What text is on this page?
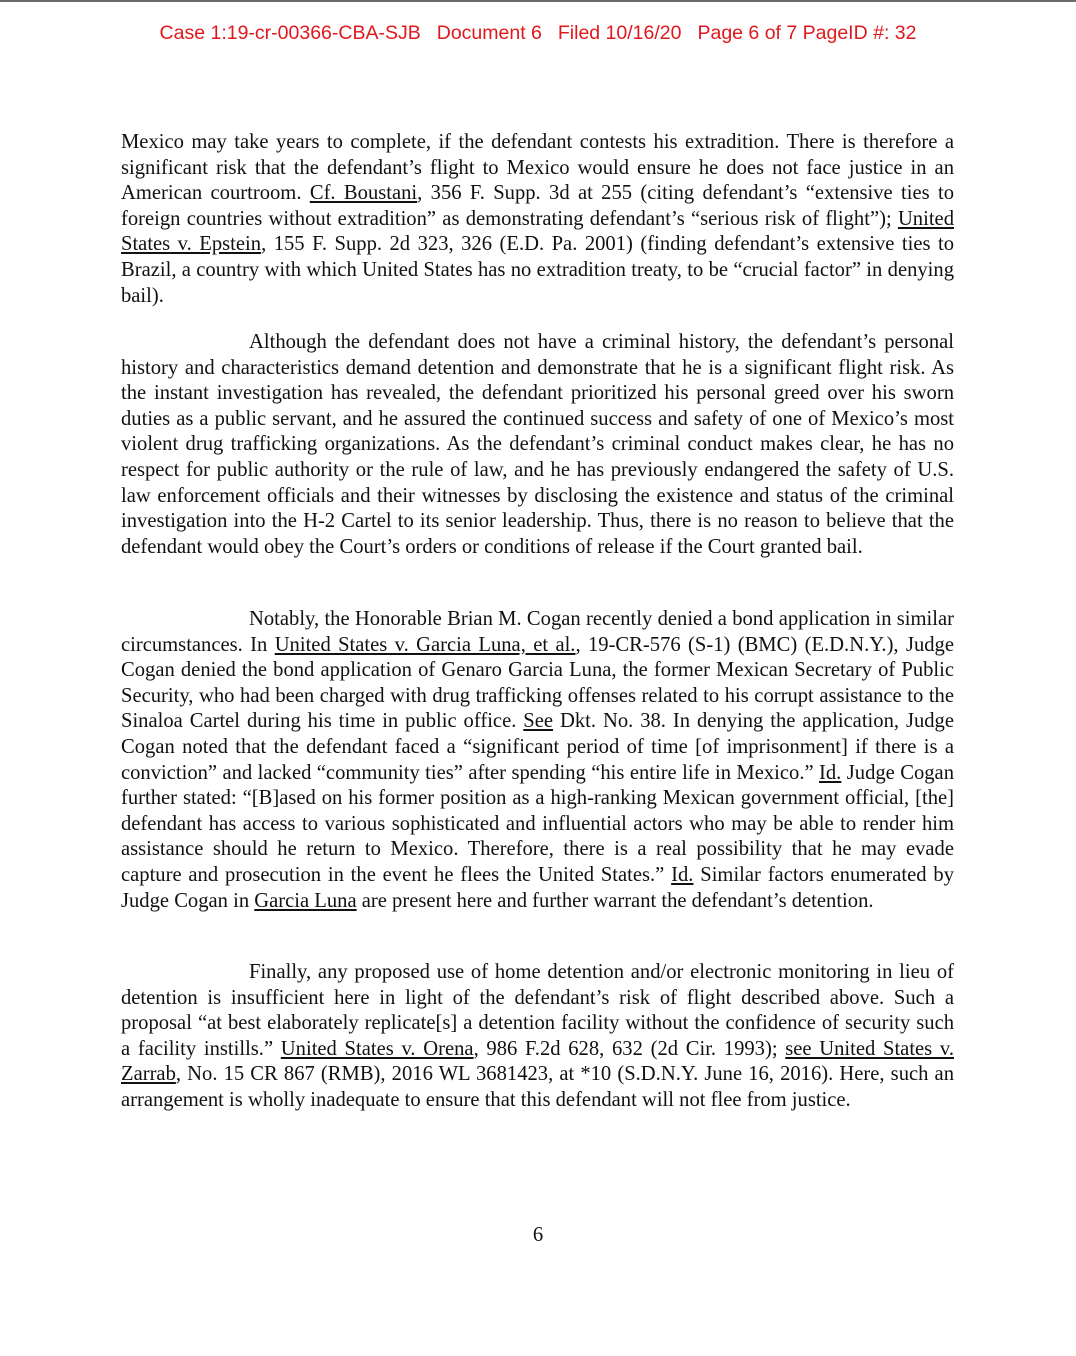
Case 1:19-cr-00366-CBA-SJB Document 6 Filed 10/16/20 Page 6 of 7 PageID #: 32

Mexico may take years to complete, if the defendant contests his extradition. There is therefore a significant risk that the defendant’s flight to Mexico would ensure he does not face justice in an American courtroom. Cf. Boustani, 356 F. Supp. 3d at 255 (citing defendant’s “extensive ties to foreign countries without extradition” as demonstrating defendant’s “serious risk of flight”); United States v. Epstein, 155 F. Supp. 2d 323, 326 (E.D. Pa. 2001) (finding defendant’s extensive ties to Brazil, a country with which United States has no extradition treaty, to be “crucial factor” in denying bail).

Although the defendant does not have a criminal history, the defendant’s personal history and characteristics demand detention and demonstrate that he is a significant flight risk. As the instant investigation has revealed, the defendant prioritized his personal greed over his sworn duties as a public servant, and he assured the continued success and safety of one of Mexico’s most violent drug trafficking organizations. As the defendant’s criminal conduct makes clear, he has no respect for public authority or the rule of law, and he has previously endangered the safety of U.S. law enforcement officials and their witnesses by disclosing the existence and status of the criminal investigation into the H-2 Cartel to its senior leadership. Thus, there is no reason to believe that the defendant would obey the Court’s orders or conditions of release if the Court granted bail.

Notably, the Honorable Brian M. Cogan recently denied a bond application in similar circumstances. In United States v. Garcia Luna, et al., 19-CR-576 (S-1) (BMC) (E.D.N.Y.), Judge Cogan denied the bond application of Genaro Garcia Luna, the former Mexican Secretary of Public Security, who had been charged with drug trafficking offenses related to his corrupt assistance to the Sinaloa Cartel during his time in public office. See Dkt. No. 38. In denying the application, Judge Cogan noted that the defendant faced a “significant period of time [of imprisonment] if there is a conviction” and lacked “community ties” after spending “his entire life in Mexico.” Id. Judge Cogan further stated: “[B]ased on his former position as a high-ranking Mexican government official, [the] defendant has access to various sophisticated and influential actors who may be able to render him assistance should he return to Mexico. Therefore, there is a real possibility that he may evade capture and prosecution in the event he flees the United States.” Id. Similar factors enumerated by Judge Cogan in Garcia Luna are present here and further warrant the defendant’s detention.

Finally, any proposed use of home detention and/or electronic monitoring in lieu of detention is insufficient here in light of the defendant’s risk of flight described above. Such a proposal “at best elaborately replicate[s] a detention facility without the confidence of security such a facility instills.” United States v. Orena, 986 F.2d 628, 632 (2d Cir. 1993); see United States v. Zarrab, No. 15 CR 867 (RMB), 2016 WL 3681423, at *10 (S.D.N.Y. June 16, 2016). Here, such an arrangement is wholly inadequate to ensure that this defendant will not flee from justice.

6
